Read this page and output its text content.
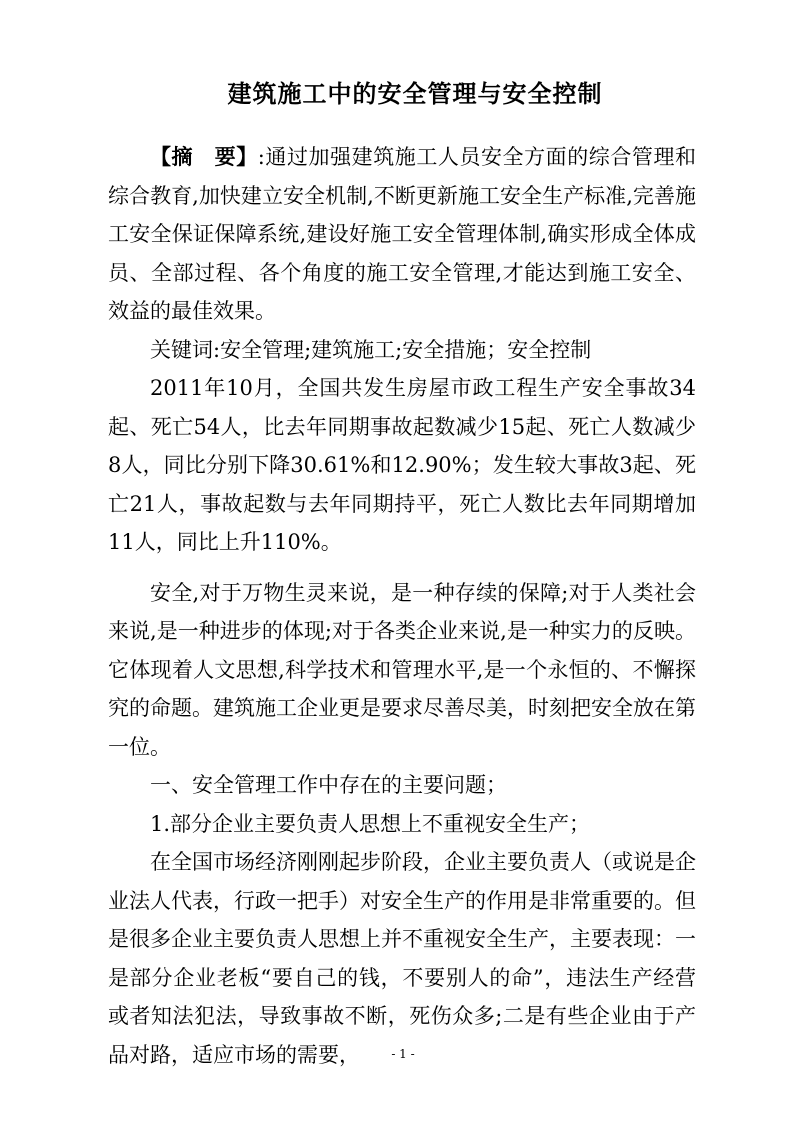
建筑施工中的安全管理与安全控制

【摘　要】:通过加强建筑施工人员安全方面的综合管理和综合教育,加快建立安全机制,不断更新施工安全生产标准,完善施工安全保证保障系统,建设好施工安全管理体制,确实形成全体成员、全部过程、各个角度的施工安全管理,才能达到施工安全、效益的最佳效果。

关键词:安全管理;建筑施工;安全措施；安全控制

2011年10月，全国共发生房屋市政工程生产安全事故34起、死亡54人，比去年同期事故起数减少15起、死亡人数减少8人，同比分别下降30.61%和12.90%；发生较大事故3起、死亡21人，事故起数与去年同期持平，死亡人数比去年同期增加11人，同比上升110%。

安全,对于万物生灵来说，是一种存续的保障;对于人类社会来说,是一种进步的体现;对于各类企业来说,是一种实力的反映。它体现着人文思想,科学技术和管理水平,是一个永恒的、不懈探究的命题。建筑施工企业更是要求尽善尽美，时刻把安全放在第一位。

一、安全管理工作中存在的主要问题；

1.部分企业主要负责人思想上不重视安全生产；

在全国市场经济刚刚起步阶段，企业主要负责人（或说是企业法人代表，行政一把手）对安全生产的作用是非常重要的。但是很多企业主要负责人思想上并不重视安全生产，主要表现：一是部分企业老板“要自己的钱，不要别人的命”，违法生产经营或者知法犯法，导致事故不断，死伤众多;二是有些企业由于产品对路，适应市场的需要，	- 1 -
